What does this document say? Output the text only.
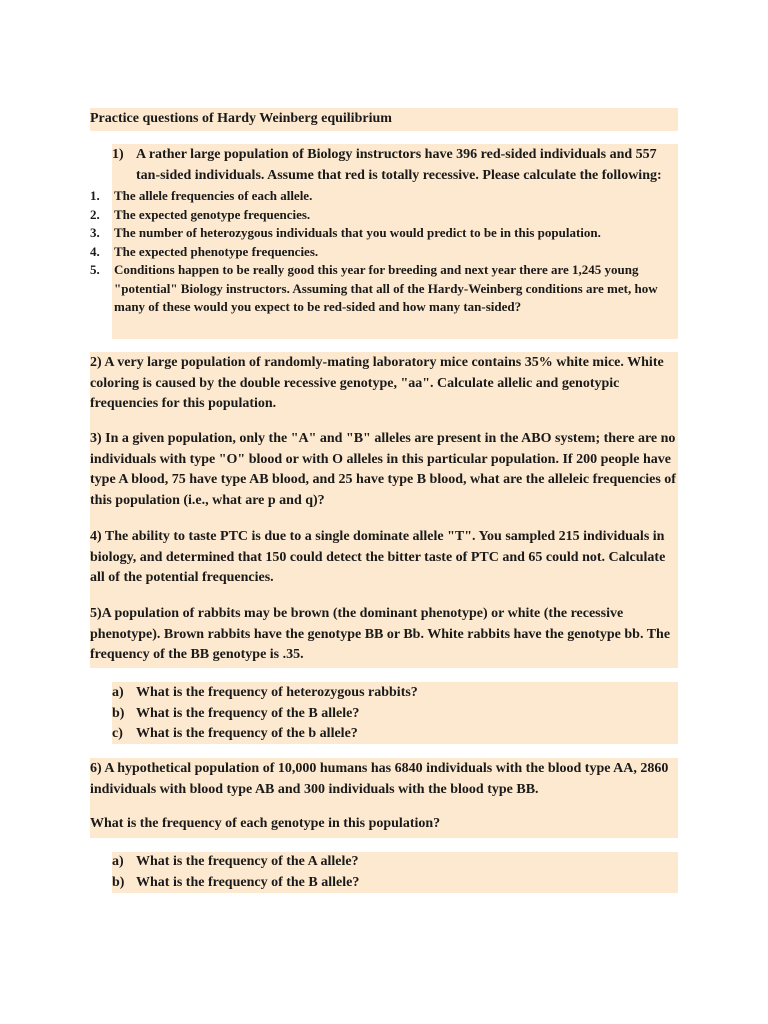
Practice questions of Hardy Weinberg equilibrium
1) A rather large population of Biology instructors have 396 red-sided individuals and 557 tan-sided individuals. Assume that red is totally recessive. Please calculate the following:
1.	The allele frequencies of each allele.
2.	The expected genotype frequencies.
3.	The number of heterozygous individuals that you would predict to be in this population.
4.	The expected phenotype frequencies.
5.	Conditions happen to be really good this year for breeding and next year there are 1,245 young "potential" Biology instructors. Assuming that all of the Hardy-Weinberg conditions are met, how many of these would you expect to be red-sided and how many tan-sided?
2) A very large population of randomly-mating laboratory mice contains 35% white mice. White coloring is caused by the double recessive genotype, "aa". Calculate allelic and genotypic frequencies for this population.
3) In a given population, only the "A" and "B" alleles are present in the ABO system; there are no individuals with type "O" blood or with O alleles in this particular population. If 200 people have type A blood, 75 have type AB blood, and 25 have type B blood, what are the alleleic frequencies of this population (i.e., what are p and q)?
4) The ability to taste PTC is due to a single dominate allele "T". You sampled 215 individuals in biology, and determined that 150 could detect the bitter taste of PTC and 65 could not. Calculate all of the potential frequencies.
5)A population of rabbits may be brown (the dominant phenotype) or white (the recessive phenotype). Brown rabbits have the genotype BB or Bb. White rabbits have the genotype bb. The frequency of the BB genotype is .35.
a) What is the frequency of heterozygous rabbits?
b) What is the frequency of the B allele?
c) What is the frequency of the b allele?
6) A hypothetical population of 10,000 humans has 6840 individuals with the blood type AA, 2860 individuals with blood type AB and 300 individuals with the blood type BB.
What is the frequency of each genotype in this population?
a) What is the frequency of the A allele?
b) What is the frequency of the B allele?
